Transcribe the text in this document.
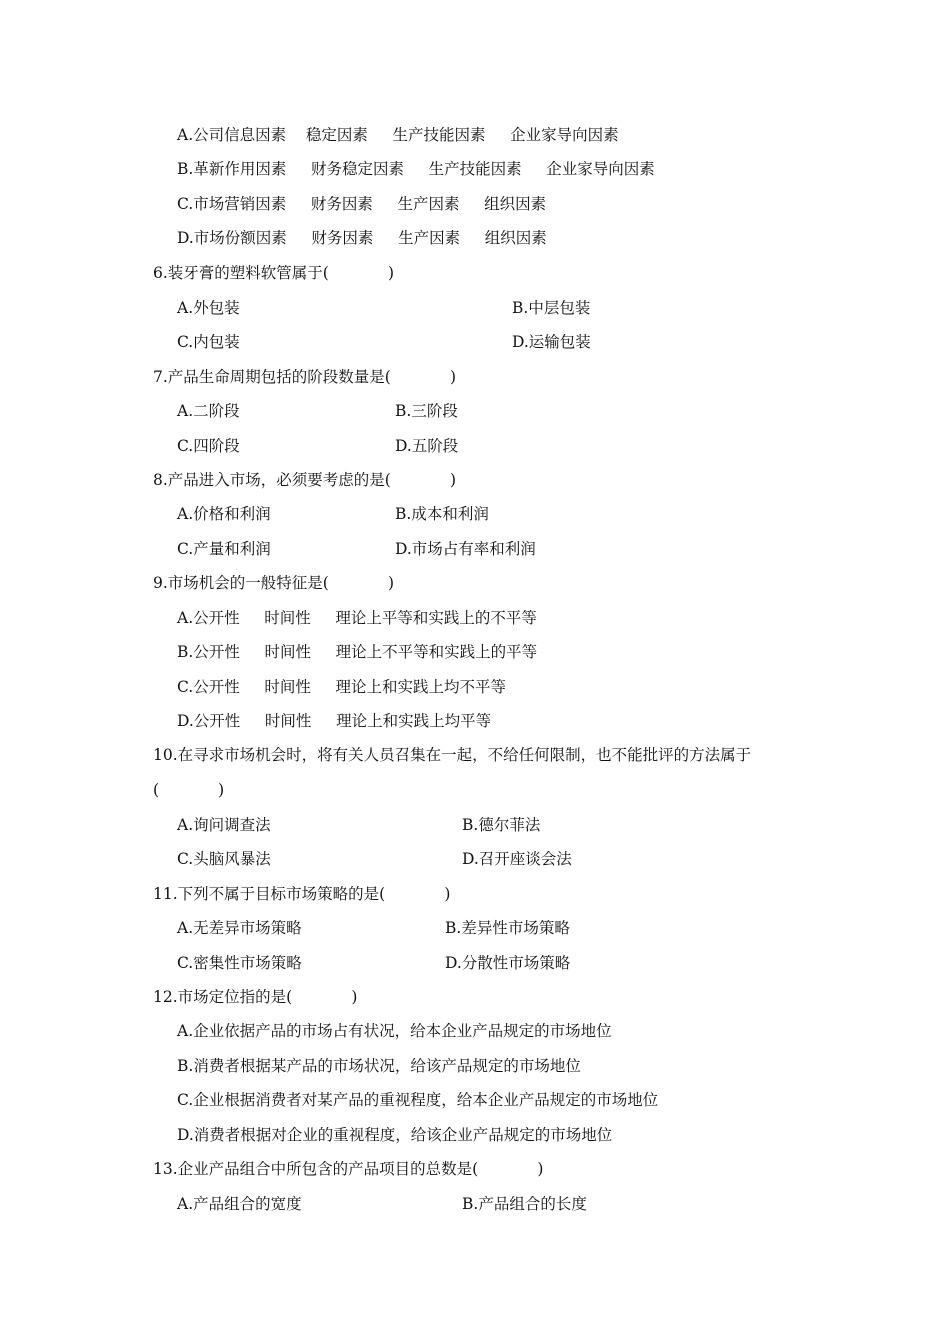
A.公司信息因素    稳定因素     生产技能因素     企业家导向因素
B.革新作用因素     财务稳定因素     生产技能因素     企业家导向因素
C.市场营销因素     财务因素     生产因素     组织因素
D.市场份额因素     财务因素     生产因素     组织因素
6.装牙膏的塑料软管属于(            )
A.外包装	B.中层包装
C.内包装	D.运输包装
7.产品生命周期包括的阶段数量是(            )
A.二阶段	B.三阶段
C.四阶段	D.五阶段
8.产品进入市场，必须要考虑的是(            )
A.价格和利润	B.成本和利润
C.产量和利润	D.市场占有率和利润
9.市场机会的一般特征是(            )
A.公开性     时间性     理论上平等和实践上的不平等
B.公开性     时间性     理论上不平等和实践上的平等
C.公开性     时间性     理论上和实践上均不平等
D.公开性     时间性     理论上和实践上均平等
10.在寻求市场机会时，将有关人员召集在一起，不给任何限制，也不能批评的方法属于
(            )
A.询问调查法	B.德尔菲法
C.头脑风暴法	D.召开座谈会法
11.下列不属于目标市场策略的是(            )
A.无差异市场策略	B.差异性市场策略
C.密集性市场策略	D.分散性市场策略
12.市场定位指的是(            )
A.企业依据产品的市场占有状况，给本企业产品规定的市场地位
B.消费者根据某产品的市场状况，给该产品规定的市场地位
C.企业根据消费者对某产品的重视程度，给本企业产品规定的市场地位
D.消费者根据对企业的重视程度，给该企业产品规定的市场地位
13.企业产品组合中所包含的产品项目的总数是(            )
A.产品组合的宽度	B.产品组合的长度
